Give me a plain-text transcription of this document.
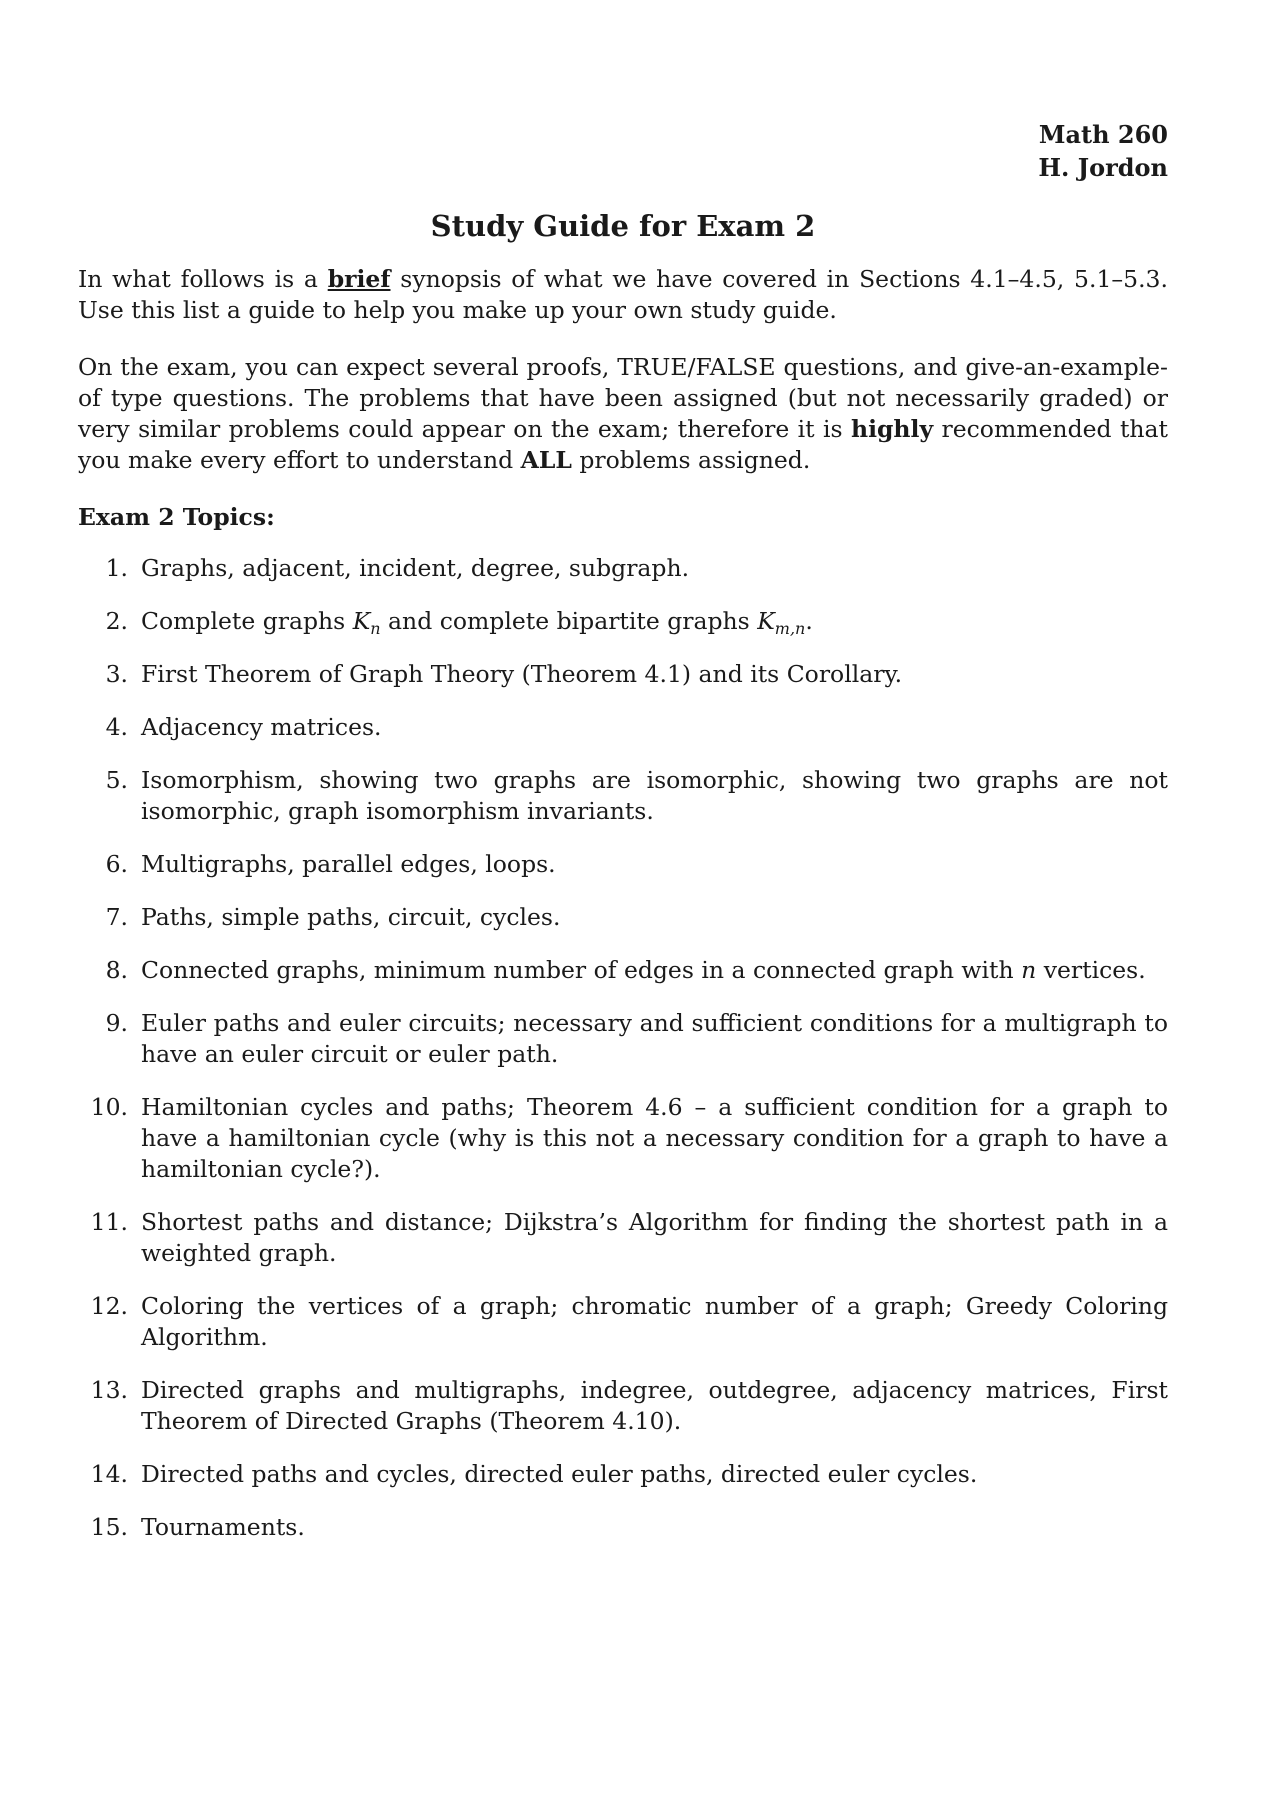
Math 260
H. Jordon
Study Guide for Exam 2

In what follows is a brief synopsis of what we have covered in Sections 4.1–4.5, 5.1–5.3. Use this list a guide to help you make up your own study guide.

On the exam, you can expect several proofs, TRUE/FALSE questions, and give-an-example-of type questions. The problems that have been assigned (but not necessarily graded) or very similar problems could appear on the exam; therefore it is highly recommended that you make every effort to understand ALL problems assigned.

Exam 2 Topics:
1. Graphs, adjacent, incident, degree, subgraph.
2. Complete graphs $K_n$ and complete bipartite graphs $K_{m,n}$.
3. First Theorem of Graph Theory (Theorem 4.1) and its Corollary.
4. Adjacency matrices.
5. Isomorphism, showing two graphs are isomorphic, showing two graphs are not isomorphic, graph isomorphism invariants.
6. Multigraphs, parallel edges, loops.
7. Paths, simple paths, circuit, cycles.
8. Connected graphs, minimum number of edges in a connected graph with n vertices.
9. Euler paths and euler circuits; necessary and sufficient conditions for a multigraph to have an euler circuit or euler path.
10. Hamiltonian cycles and paths; Theorem 4.6 – a sufficient condition for a graph to have a hamiltonian cycle (why is this not a necessary condition for a graph to have a hamiltonian cycle?).
11. Shortest paths and distance; Dijkstra’s Algorithm for finding the shortest path in a weighted graph.
12. Coloring the vertices of a graph; chromatic number of a graph; Greedy Coloring Algorithm.
13. Directed graphs and multigraphs, indegree, outdegree, adjacency matrices, First Theorem of Directed Graphs (Theorem 4.10).
14. Directed paths and cycles, directed euler paths, directed euler cycles.
15. Tournaments.
